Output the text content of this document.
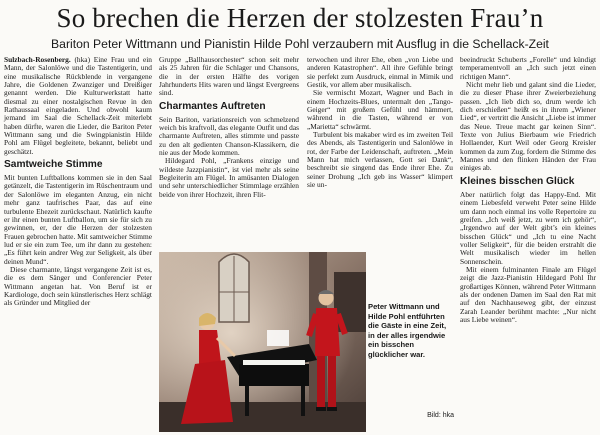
So brechen die Herzen der stolzesten Frau’n
Bariton Peter Wittmann und Pianistin Hilde Pohl verzaubern mit Ausflug in die Schellack-Zeit

Sulzbach-Rosenberg. (hka) Eine Frau und ein Mann, der Salonlöwe und die Tastentigerin, und eine musikalische Rückblende in vergangene Jahre, die Goldenen Zwanziger und Dreißiger genannt werden. Die Kulturwerkstatt hatte diesmal zu einer nostalgischen Revue in den Rathaussaal eingeladen. Und obwohl kaum jemand im Saal die Schellack-Zeit miterlebt haben dürfte, waren die Lieder, die Bariton Peter Wittmann sang und die Swingpianistin Hilde Pohl am Flügel begleitete, bekannt, beliebt und geschätzt.

Samtweiche Stimme

Mit bunten Luftballons kommen sie in den Saal getänzelt, die Tastentigerin im Rüschentraum und der Salonlöwe im eleganten Anzug, ein nicht mehr ganz taufrisches Paar, das auf eine turbulente Ehezeit zurückschaut. Natürlich kaufte er ihr einen bunten Luftballon, um sie für sich zu gewinnen, er, der die Herzen der stolzesten Frauen gebrochen hatte. Mit samtweicher Stimme lud er sie ein zum Tee, um ihr dann zu gestehen: „Es führt kein andrer Weg zur Seligkeit, als über deinen Mund“.

Diese charmante, längst vergangene Zeit ist es, die es dem Sänger und Conferencier Peter Wittmann angetan hat. Von Beruf ist er Kardiologe, doch sein künstlerisches Herz schlägt als Gründer und Mitglied der

Gruppe „Ballhausorchester“ schon seit mehr als 25 Jahren für die Schlager und Chansons, die in der ersten Hälfte des vorigen Jahrhunderts Hits waren und längst Evergreens sind.

Charmantes Auftreten

Sein Bariton, variationsreich von schmelzend weich bis kraftvoll, das elegante Outfit und das charmante Auftreten, alles stimmte und passte zu den alt gedienten Chanson-Klassikern, die nie aus der Mode kommen.

Hildegard Pohl, „Frankens einzige und wildeste Jazzpianistin“, ist viel mehr als seine Begleiterin am Flügel. In amüsanten Dialogen und sehr unterschiedlicher Stimmlage erzählen beide von ihrer Hochzeit, ihren Flit-

terwochen und ihrer Ehe, eben „von Liebe und anderen Katastrophen“. All ihre Gefühle bringt sie perfekt zum Ausdruck, einmal in Mimik und Gestik, vor allem aber musikalisch.

Sie vermischt Mozart, Wagner und Bach in einem Hochzeits-Blues, untermalt den „Tango-Geiger“ mit großem Gefühl und hämmert, während in die Tasten, während er von „Marietta“ schwärmt.

Turbulent bis makaber wird es im zweiten Teil des Abends, als Tastentigerin und Salonlöwe in rot, der Farbe der Leidenschaft, auftreten. „Mein Mann hat mich verlassen, Gott sei Dank“, beschreibt sie singend das Ende ihrer Ehe. Zu seiner Drohung „Ich geb ins Wasser“ klimpert sie un-

beeindruckt Schuberts „Forelle“ und kündigt temperamentvoll an „Ich such jetzt einen richtigen Mann“.

Nicht mehr lieb und galant sind die Lieder, die zu dieser Phase ihrer Zweierbeziehung passen. „Ich lieb dich so, drum werde ich dich erschießen“ heißt es in ihrem „Wiener Lied“, er vertritt die Ansicht „Liebe ist immer das Neue. Treue macht gar keinen Sinn“. Texte von Julius Bierbaum wie Friedrich Hollaender, Kurt Weil oder Georg Kreisler kommen da zum Zug, fordern die Stimme des Mannes und den flinken Händen der Frau einiges ab.

Kleines bisschen Glück

Aber natürlich folgt das Happy-End. Mit einem Liebesfeld verweht Peter seine Hilde um dann noch einmal ins volle Repertoire zu greifen. „Ich weiß jetzt, zu wem ich gehör“, „Irgendwo auf der Welt gibt’s ein kleines bisschen Glück“ und „Ich tu eine Nacht voller Seligkeit“, für die beiden erstrahlt die Welt musikalisch wieder im hellen Sonnenschein.

Mit einem fulminanten Finale am Flügel zeigt die Jazz-Pianistin Hildegard Pohl Ihr großartiges Können, während Peter Wittmann als der ondenen Damen im Saal den Rat mit auf den Nachhauseweg gibt, der einzust Zarah Leander berühmt machte: „Nur nicht aus Liebe weinen“.

Peter Wittmann und Hilde Pohl entführten die Gäste in eine Zeit, in der alles irgendwie ein bisschen glücklicher war.
Bild: hka
